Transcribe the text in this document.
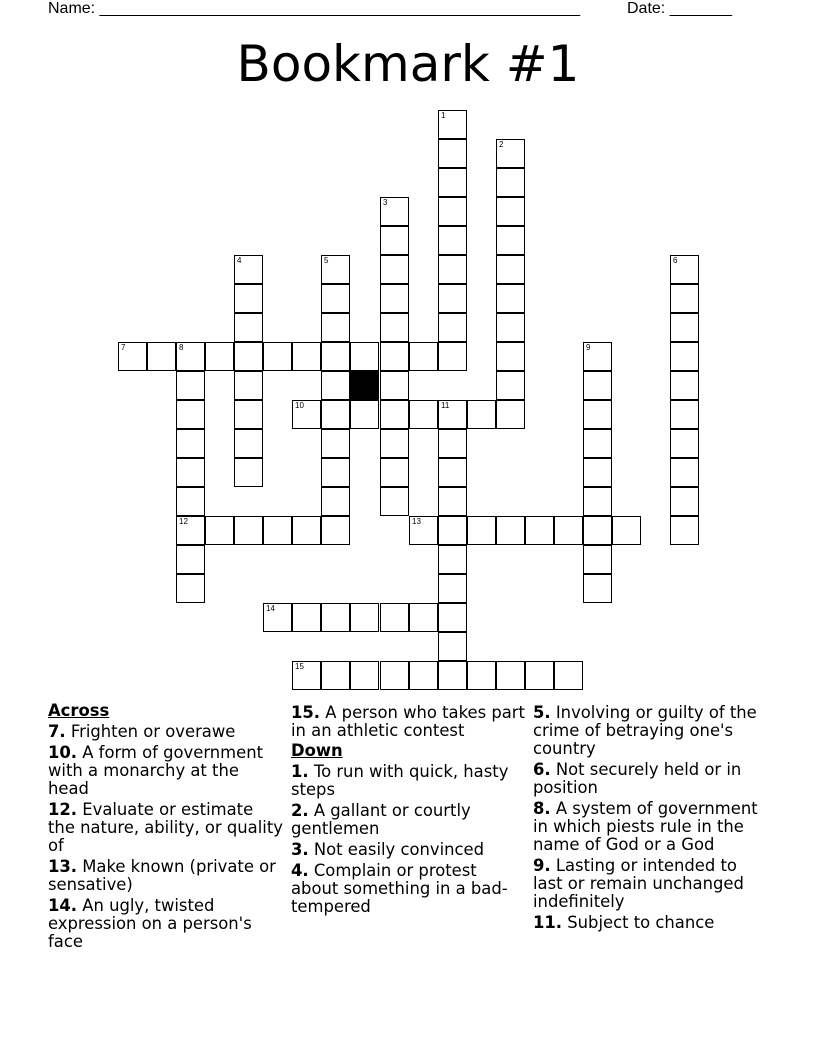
Name: ______________________________________________________	Date: _______
Bookmark #1
1
2
3
4	5	6
7	8	9
10	11
12	13
14
15
Across
7. Frighten or overawe
10. A form of government with a monarchy at the head
12. Evaluate or estimate the nature, ability, or quality of
13. Make known (private or sensative)
14. An ugly, twisted expression on a person's face
15. A person who takes part in an athletic contest
Down
1. To run with quick, hasty steps
2. A gallant or courtly gentlemen
3. Not easily convinced
4. Complain or protest about something in a bad-tempered
5. Involving or guilty of the crime of betraying one's country
6. Not securely held or in position
8. A system of government in which piests rule in the name of God or a God
9. Lasting or intended to last or remain unchanged indefinitely
11. Subject to chance
